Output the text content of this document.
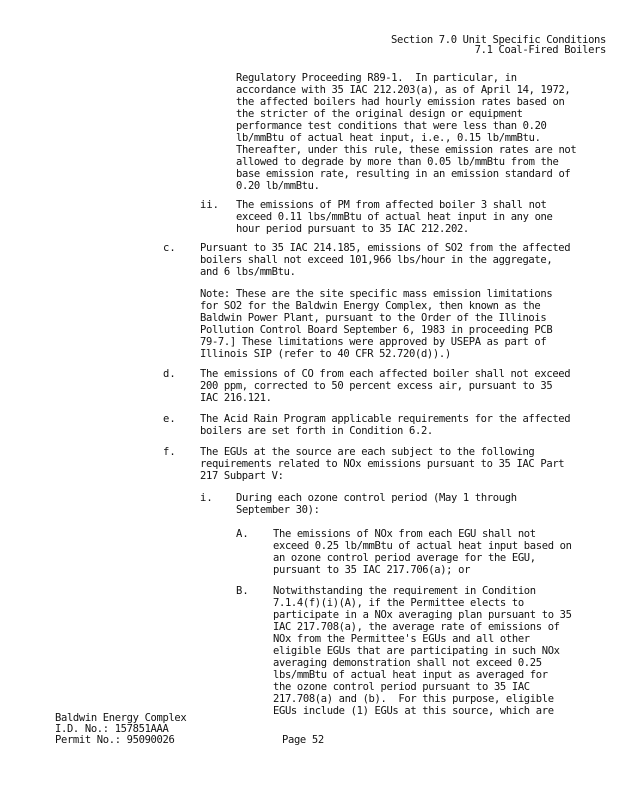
Section 7.0 Unit Specific Conditions
7.1 Coal-Fired Boilers
Regulatory Proceeding R89-1.  In particular, in
accordance with 35 IAC 212.203(a), as of April 14, 1972,
the affected boilers had hourly emission rates based on
the stricter of the original design or equipment
performance test conditions that were less than 0.20
lb/mmBtu of actual heat input, i.e., 0.15 lb/mmBtu.
Thereafter, under this rule, these emission rates are not
allowed to degrade by more than 0.05 lb/mmBtu from the
base emission rate, resulting in an emission standard of
0.20 lb/mmBtu.
ii. The emissions of PM from affected boiler 3 shall not
exceed 0.11 lbs/mmBtu of actual heat input in any one
hour period pursuant to 35 IAC 212.202.
c. Pursuant to 35 IAC 214.185, emissions of SO2 from the affected
boilers shall not exceed 101,966 lbs/hour in the aggregate,
and 6 lbs/mmBtu.
Note: These are the site specific mass emission limitations
for SO2 for the Baldwin Energy Complex, then known as the
Baldwin Power Plant, pursuant to the Order of the Illinois
Pollution Control Board September 6, 1983 in proceeding PCB
79-7.] These limitations were approved by USEPA as part of
Illinois SIP (refer to 40 CFR 52.720(d)).)
d. The emissions of CO from each affected boiler shall not exceed
200 ppm, corrected to 50 percent excess air, pursuant to 35
IAC 216.121.
e. The Acid Rain Program applicable requirements for the affected
boilers are set forth in Condition 6.2.
f. The EGUs at the source are each subject to the following
requirements related to NOx emissions pursuant to 35 IAC Part
217 Subpart V:
i. During each ozone control period (May 1 through
September 30):
A. The emissions of NOx from each EGU shall not
exceed 0.25 lb/mmBtu of actual heat input based on
an ozone control period average for the EGU,
pursuant to 35 IAC 217.706(a); or
B. Notwithstanding the requirement in Condition
7.1.4(f)(i)(A), if the Permittee elects to
participate in a NOx averaging plan pursuant to 35
IAC 217.708(a), the average rate of emissions of
NOx from the Permittee's EGUs and all other
eligible EGUs that are participating in such NOx
averaging demonstration shall not exceed 0.25
lbs/mmBtu of actual heat input as averaged for
the ozone control period pursuant to 35 IAC
217.708(a) and (b).  For this purpose, eligible
EGUs include (1) EGUs at this source, which are
Baldwin Energy Complex
I.D. No.: 157851AAA
Permit No.: 95090026	Page 52
